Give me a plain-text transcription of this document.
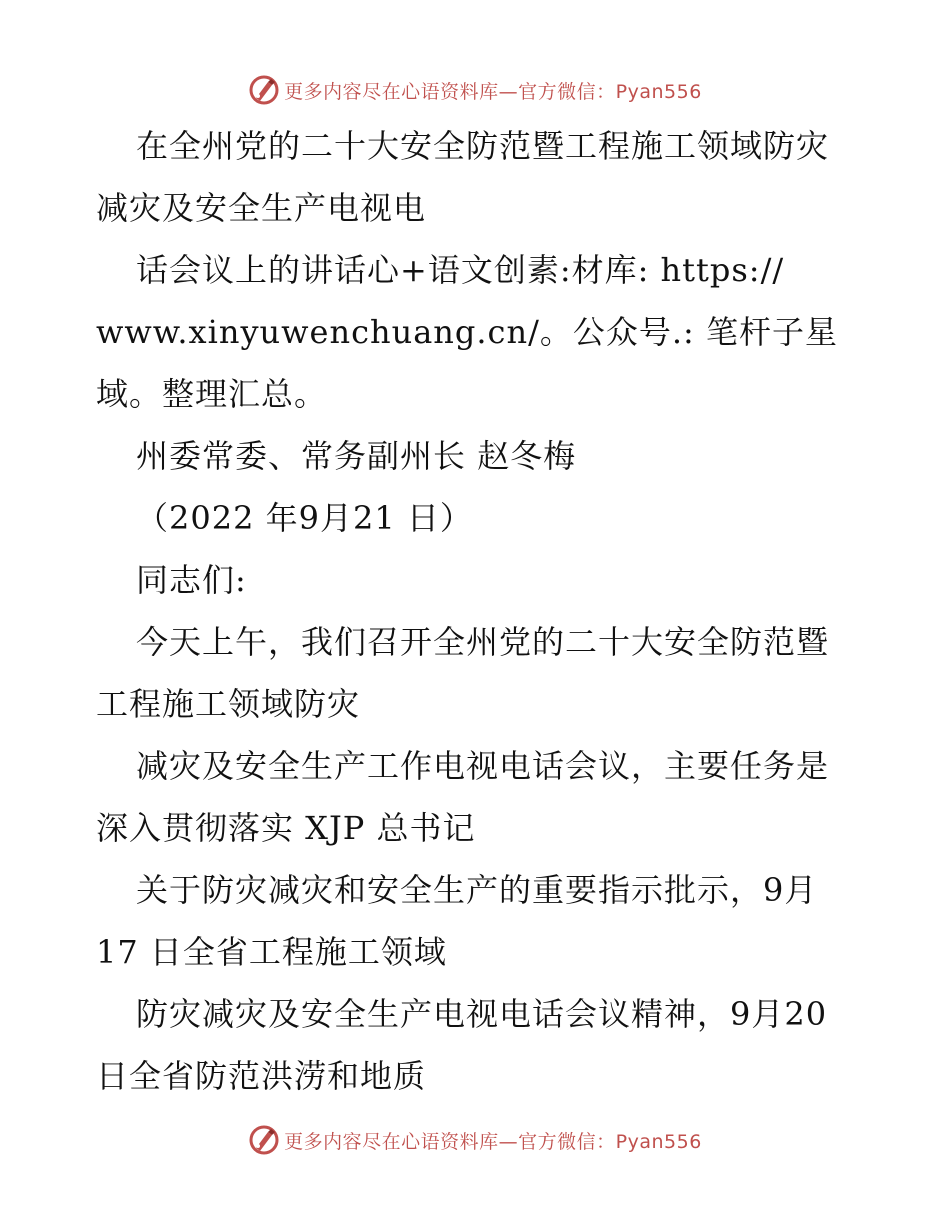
更多内容尽在心语资料库—官方微信：Pyan556
在全州党的二十大安全防范暨工程施工领域防灾
减灾及安全生产电视电
话会议上的讲话心+语文创素:材库: https://
www.xinyuwenchuang.cn/。公众号.: 笔杆子星
域。整理汇总。
州委常委、常务副州长 赵冬梅
（2022 年9月21 日）
同志们:
今天上午，我们召开全州党的二十大安全防范暨
工程施工领域防灾
减灾及安全生产工作电视电话会议，主要任务是
深入贯彻落实 XJP 总书记
关于防灾减灾和安全生产的重要指示批示，9月
17 日全省工程施工领域
防灾减灾及安全生产电视电话会议精神，9月20
日全省防范洪涝和地质
更多内容尽在心语资料库—官方微信：Pyan556
